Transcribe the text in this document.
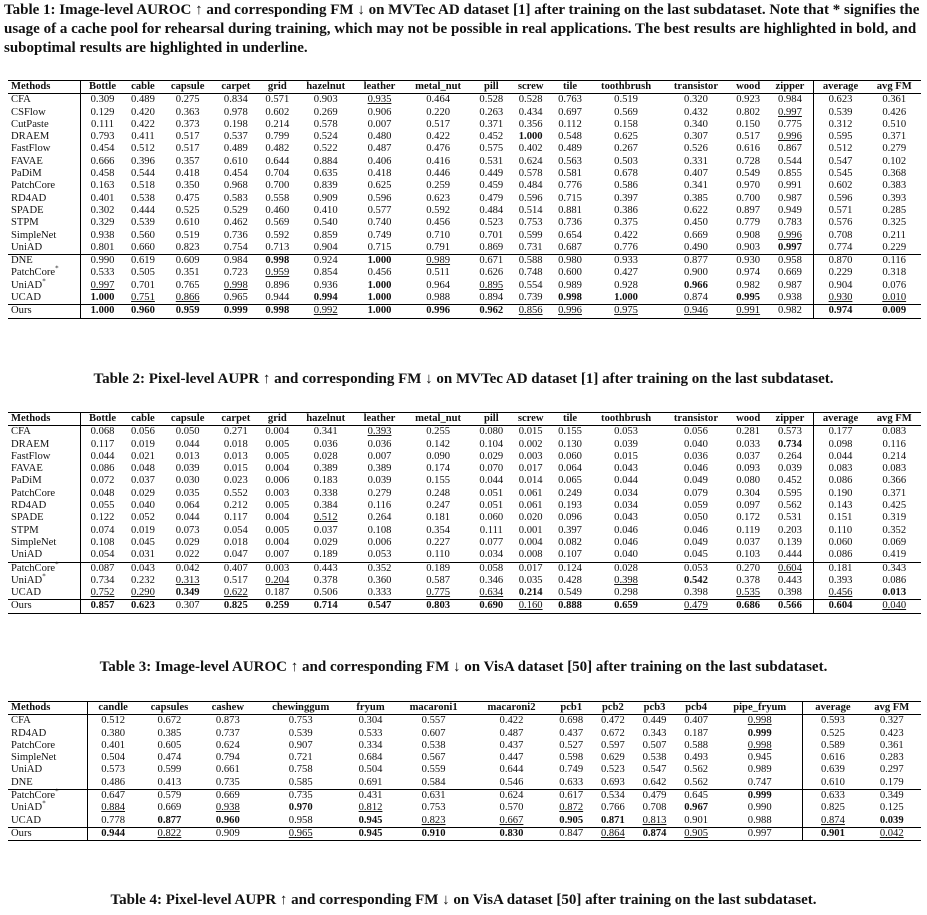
Table 1: Image-level AUROC ↑ and corresponding FM ↓ on MVTec AD dataset [1] after training on the last subdataset. Note that * signifies the usage of a cache pool for rehearsal during training, which may not be possible in real applications. The best results are highlighted in bold, and suboptimal results are highlighted in underline.
Methods	Bottle	cable	capsule	carpet	grid	hazelnut	leather	metal_nut	pill	screw	tile	toothbrush	transistor	wood	zipper	average	avg FM
CFA	0.309	0.489	0.275	0.834	0.571	0.903	0.935	0.464	0.528	0.528	0.763	0.519	0.320	0.923	0.984	0.623	0.361
CSFlow	0.129	0.420	0.363	0.978	0.602	0.269	0.906	0.220	0.263	0.434	0.697	0.569	0.432	0.802	0.997	0.539	0.426
CutPaste	0.111	0.422	0.373	0.198	0.214	0.578	0.007	0.517	0.371	0.356	0.112	0.158	0.340	0.150	0.775	0.312	0.510
DRAEM	0.793	0.411	0.517	0.537	0.799	0.524	0.480	0.422	0.452	1.000	0.548	0.625	0.307	0.517	0.996	0.595	0.371
FastFlow	0.454	0.512	0.517	0.489	0.482	0.522	0.487	0.476	0.575	0.402	0.489	0.267	0.526	0.616	0.867	0.512	0.279
FAVAE	0.666	0.396	0.357	0.610	0.644	0.884	0.406	0.416	0.531	0.624	0.563	0.503	0.331	0.728	0.544	0.547	0.102
PaDiM	0.458	0.544	0.418	0.454	0.704	0.635	0.418	0.446	0.449	0.578	0.581	0.678	0.407	0.549	0.855	0.545	0.368
PatchCore	0.163	0.518	0.350	0.968	0.700	0.839	0.625	0.259	0.459	0.484	0.776	0.586	0.341	0.970	0.991	0.602	0.383
RD4AD	0.401	0.538	0.475	0.583	0.558	0.909	0.596	0.623	0.479	0.596	0.715	0.397	0.385	0.700	0.987	0.596	0.393
SPADE	0.302	0.444	0.525	0.529	0.460	0.410	0.577	0.592	0.484	0.514	0.881	0.386	0.622	0.897	0.949	0.571	0.285
STPM	0.329	0.539	0.610	0.462	0.569	0.540	0.740	0.456	0.523	0.753	0.736	0.375	0.450	0.779	0.783	0.576	0.325
SimpleNet	0.938	0.560	0.519	0.736	0.592	0.859	0.749	0.710	0.701	0.599	0.654	0.422	0.669	0.908	0.996	0.708	0.211
UniAD	0.801	0.660	0.823	0.754	0.713	0.904	0.715	0.791	0.869	0.731	0.687	0.776	0.490	0.903	0.997	0.774	0.229
DNE	0.990	0.619	0.609	0.984	0.998	0.924	1.000	0.989	0.671	0.588	0.980	0.933	0.877	0.930	0.958	0.870	0.116
PatchCore*	0.533	0.505	0.351	0.723	0.959	0.854	0.456	0.511	0.626	0.748	0.600	0.427	0.900	0.974	0.669	0.229	0.318
UniAD*	0.997	0.701	0.765	0.998	0.896	0.936	1.000	0.964	0.895	0.554	0.989	0.928	0.966	0.982	0.987	0.904	0.076
UCAD	1.000	0.751	0.866	0.965	0.944	0.994	1.000	0.988	0.894	0.739	0.998	1.000	0.874	0.995	0.938	0.930	0.010
Ours	1.000	0.960	0.959	0.999	0.998	0.992	1.000	0.996	0.962	0.856	0.996	0.975	0.946	0.991	0.982	0.974	0.009
Table 2: Pixel-level AUPR ↑ and corresponding FM ↓ on MVTec AD dataset [1] after training on the last subdataset.
Methods	Bottle	cable	capsule	carpet	grid	hazelnut	leather	metal_nut	pill	screw	tile	toothbrush	transistor	wood	zipper	average	avg FM
CFA	0.068	0.056	0.050	0.271	0.004	0.341	0.393	0.255	0.080	0.015	0.155	0.053	0.056	0.281	0.573	0.177	0.083
DRAEM	0.117	0.019	0.044	0.018	0.005	0.036	0.036	0.142	0.104	0.002	0.130	0.039	0.040	0.033	0.734	0.098	0.116
FastFlow	0.044	0.021	0.013	0.013	0.005	0.028	0.007	0.090	0.029	0.003	0.060	0.015	0.036	0.037	0.264	0.044	0.214
FAVAE	0.086	0.048	0.039	0.015	0.004	0.389	0.389	0.174	0.070	0.017	0.064	0.043	0.046	0.093	0.039	0.083	0.083
PaDiM	0.072	0.037	0.030	0.023	0.006	0.183	0.039	0.155	0.044	0.014	0.065	0.044	0.049	0.080	0.452	0.086	0.366
PatchCore	0.048	0.029	0.035	0.552	0.003	0.338	0.279	0.248	0.051	0.061	0.249	0.034	0.079	0.304	0.595	0.190	0.371
RD4AD	0.055	0.040	0.064	0.212	0.005	0.384	0.116	0.247	0.051	0.061	0.193	0.034	0.059	0.097	0.562	0.143	0.425
SPADE	0.122	0.052	0.044	0.117	0.004	0.512	0.264	0.181	0.060	0.020	0.096	0.043	0.050	0.172	0.531	0.151	0.319
STPM	0.074	0.019	0.073	0.054	0.005	0.037	0.108	0.354	0.111	0.001	0.397	0.046	0.046	0.119	0.203	0.110	0.352
SimpleNet	0.108	0.045	0.029	0.018	0.004	0.029	0.006	0.227	0.077	0.004	0.082	0.046	0.049	0.037	0.139	0.060	0.069
UniAD	0.054	0.031	0.022	0.047	0.007	0.189	0.053	0.110	0.034	0.008	0.107	0.040	0.045	0.103	0.444	0.086	0.419
PatchCore*	0.087	0.043	0.042	0.407	0.003	0.443	0.352	0.189	0.058	0.017	0.124	0.028	0.053	0.270	0.604	0.181	0.343
UniAD*	0.734	0.232	0.313	0.517	0.204	0.378	0.360	0.587	0.346	0.035	0.428	0.398	0.542	0.378	0.443	0.393	0.086
UCAD	0.752	0.290	0.349	0.622	0.187	0.506	0.333	0.775	0.634	0.214	0.549	0.298	0.398	0.535	0.398	0.456	0.013
Ours	0.857	0.623	0.307	0.825	0.259	0.714	0.547	0.803	0.690	0.160	0.888	0.659	0.479	0.686	0.566	0.604	0.040
Table 3: Image-level AUROC ↑ and corresponding FM ↓ on VisA dataset [50] after training on the last subdataset.
Methods	candle	capsules	cashew	chewinggum	fryum	macaroni1	macaroni2	pcb1	pcb2	pcb3	pcb4	pipe_fryum	average	avg FM
CFA	0.512	0.672	0.873	0.753	0.304	0.557	0.422	0.698	0.472	0.449	0.407	0.998	0.593	0.327
RD4AD	0.380	0.385	0.737	0.539	0.533	0.607	0.487	0.437	0.672	0.343	0.187	0.999	0.525	0.423
PatchCore	0.401	0.605	0.624	0.907	0.334	0.538	0.437	0.527	0.597	0.507	0.588	0.998	0.589	0.361
SimpleNet	0.504	0.474	0.794	0.721	0.684	0.567	0.447	0.598	0.629	0.538	0.493	0.945	0.616	0.283
UniAD	0.573	0.599	0.661	0.758	0.504	0.559	0.644	0.749	0.523	0.547	0.562	0.989	0.639	0.297
DNE	0.486	0.413	0.735	0.585	0.691	0.584	0.546	0.633	0.693	0.642	0.562	0.747	0.610	0.179
PatchCore*	0.647	0.579	0.669	0.735	0.431	0.631	0.624	0.617	0.534	0.479	0.645	0.999	0.633	0.349
UniAD*	0.884	0.669	0.938	0.970	0.812	0.753	0.570	0.872	0.766	0.708	0.967	0.990	0.825	0.125
UCAD	0.778	0.877	0.960	0.958	0.945	0.823	0.667	0.905	0.871	0.813	0.901	0.988	0.874	0.039
Ours	0.944	0.822	0.909	0.965	0.945	0.910	0.830	0.847	0.864	0.874	0.905	0.997	0.901	0.042
Table 4: Pixel-level AUPR ↑ and corresponding FM ↓ on VisA dataset [50] after training on the last subdataset.
